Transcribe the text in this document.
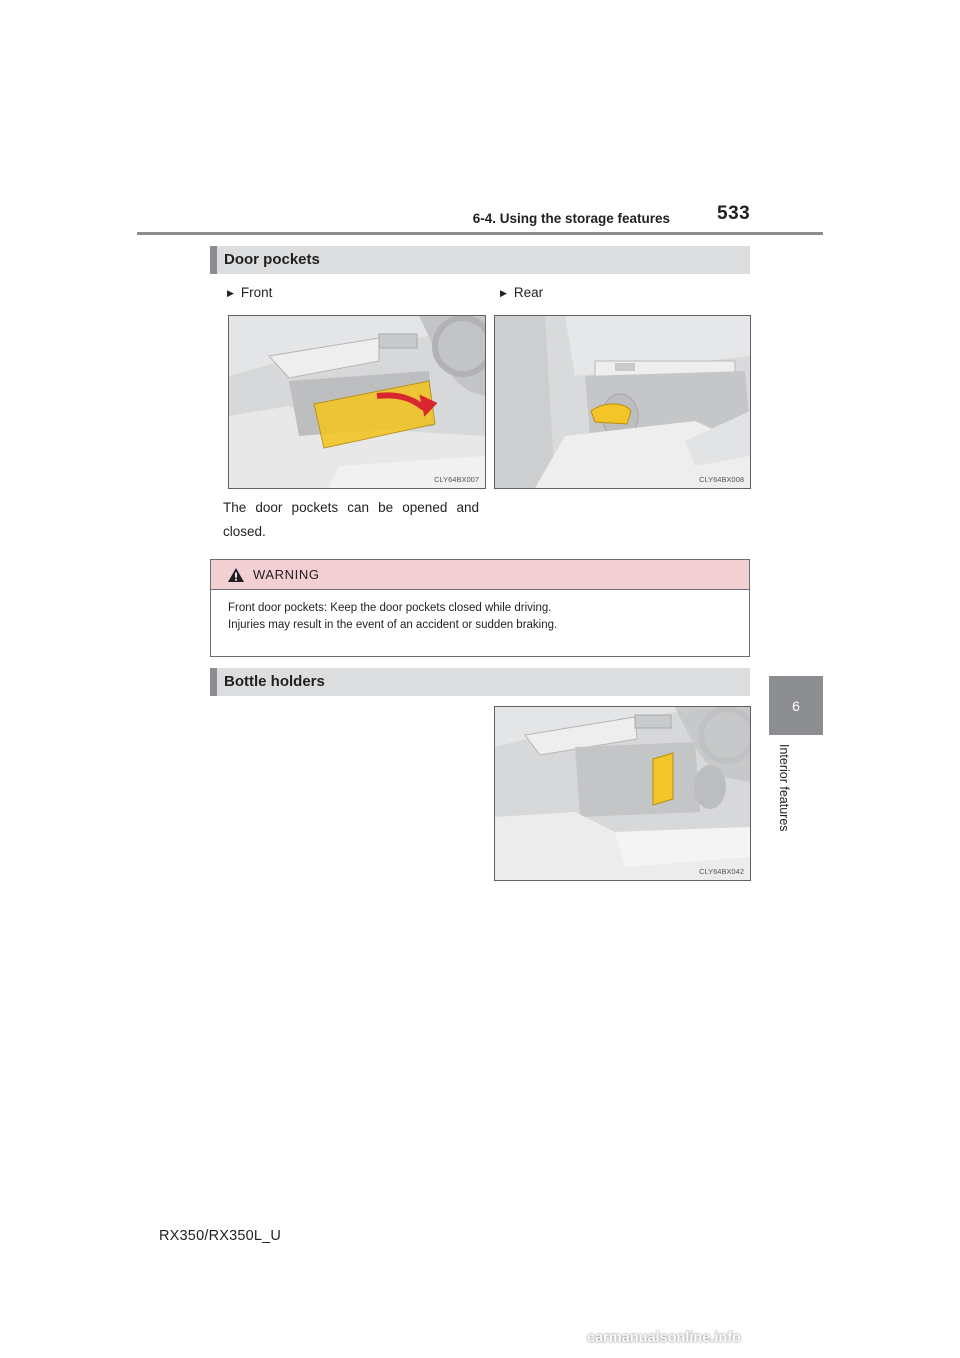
6-4. Using the storage features 533
6
Interior features
Door pockets
▶ Front	▶ Rear
CLY64BX007	CLY64BX008
The door pockets can be opened and closed.
WARNING
Front door pockets: Keep the door pockets closed while driving.
Injuries may result in the event of an accident or sudden braking.
Bottle holders
CLY64BX042
RX350/RX350L_U
carmanualsonline.info
